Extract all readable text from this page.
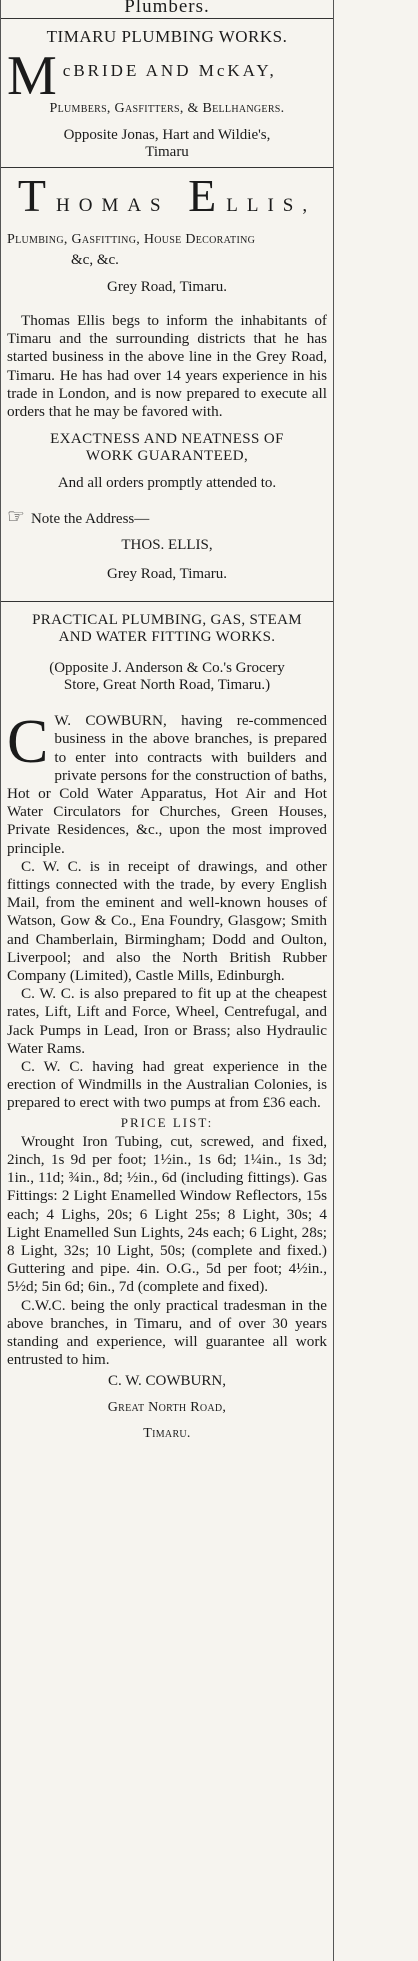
Plumbers.
TIMARU PLUMBING WORKS.
M cBRIDE AND McKAY,
Plumbers, Gasfitters, & Bellhangers.
Opposite Jonas, Hart and Wildie's,
Timaru

THOMAS ELLIS,

Plumbing, Gasfitting, House Decorating
&c, &c.
Grey Road, Timaru.

Thomas Ellis begs to inform the inhabitants of Timaru and the surrounding districts that he has started business in the above line in the Grey Road, Timaru. He has had over 14 years experience in his trade in London, and is now prepared to execute all orders that he may be favored with.

EXACTNESS AND NEATNESS OF
WORK GUARANTEED,
And all orders promptly attended to.
☞ Note the Address—
THOS. ELLIS,
Grey Road, Timaru.
PRACTICAL PLUMBING, GAS, STEAM
AND WATER FITTING WORKS.
(Opposite J. Anderson & Co.'s Grocery
Store, Great North Road, Timaru.)
C W. COWBURN, having re-commenced business in the above branches, is prepared to enter into contracts with builders and private persons for the construction of baths, Hot or Cold Water Apparatus, Hot Air and Hot Water Circulators for Churches, Green Houses, Private Residences, &c., upon the most improved principle.

C. W. C. is in receipt of drawings, and other fittings connected with the trade, by every English Mail, from the eminent and well-known houses of Watson, Gow & Co., Ena Foundry, Glasgow; Smith and Chamberlain, Birmingham; Dodd and Oulton, Liverpool; and also the North British Rubber Company (Limited), Castle Mills, Edinburgh.

C. W. C. is also prepared to fit up at the cheapest rates, Lift, Lift and Force, Wheel, Centrefugal, and Jack Pumps in Lead, Iron or Brass; also Hydraulic Water Rams.

C. W. C. having had great experience in the erection of Windmills in the Australian Colonies, is prepared to erect with two pumps at from £36 each.

PRICE LIST:

Wrought Iron Tubing, cut, screwed, and fixed, 2inch, 1s 9d per foot; 1½in., 1s 6d; 1¼in., 1s 3d; 1in., 11d; ¾in., 8d; ½in., 6d (including fittings). Gas Fittings: 2 Light Enamelled Window Reflectors, 15s each; 4 Lighs, 20s; 6 Light 25s; 8 Light, 30s; 4 Light Enamelled Sun Lights, 24s each; 6 Light, 28s; 8 Light, 32s; 10 Light, 50s; (complete and fixed.) Guttering and pipe. 4in. O.G., 5d per foot; 4½in., 5½d; 5in 6d; 6in., 7d (complete and fixed).

C.W.C. being the only practical tradesman in the above branches, in Timaru, and of over 30 years standing and experience, will guarantee all work entrusted to him.

C. W. COWBURN,
Great North Road,
Timaru.
